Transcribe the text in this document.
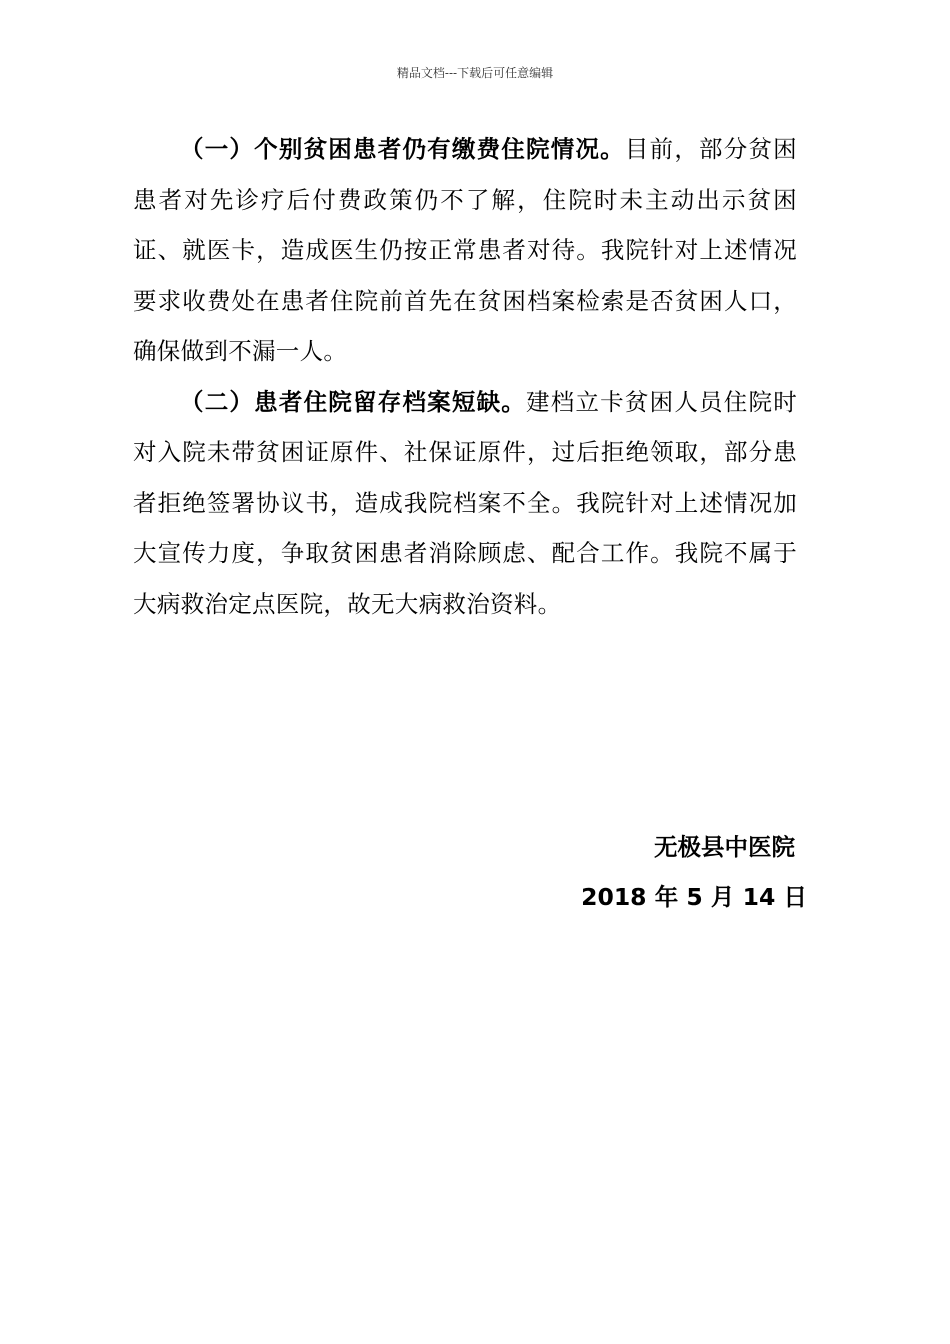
精品文档---下载后可任意编辑

（一）个别贫困患者仍有缴费住院情况。目前，部分贫困患者对先诊疗后付费政策仍不了解，住院时未主动出示贫困证、就医卡，造成医生仍按正常患者对待。我院针对上述情况要求收费处在患者住院前首先在贫困档案检索是否贫困人口，确保做到不漏一人。

（二）患者住院留存档案短缺。建档立卡贫困人员住院时对入院未带贫困证原件、社保证原件，过后拒绝领取，部分患者拒绝签署协议书，造成我院档案不全。我院针对上述情况加大宣传力度，争取贫困患者消除顾虑、配合工作。我院不属于大病救治定点医院，故无大病救治资料。

无极县中医院
2018 年 5 月 14 日
